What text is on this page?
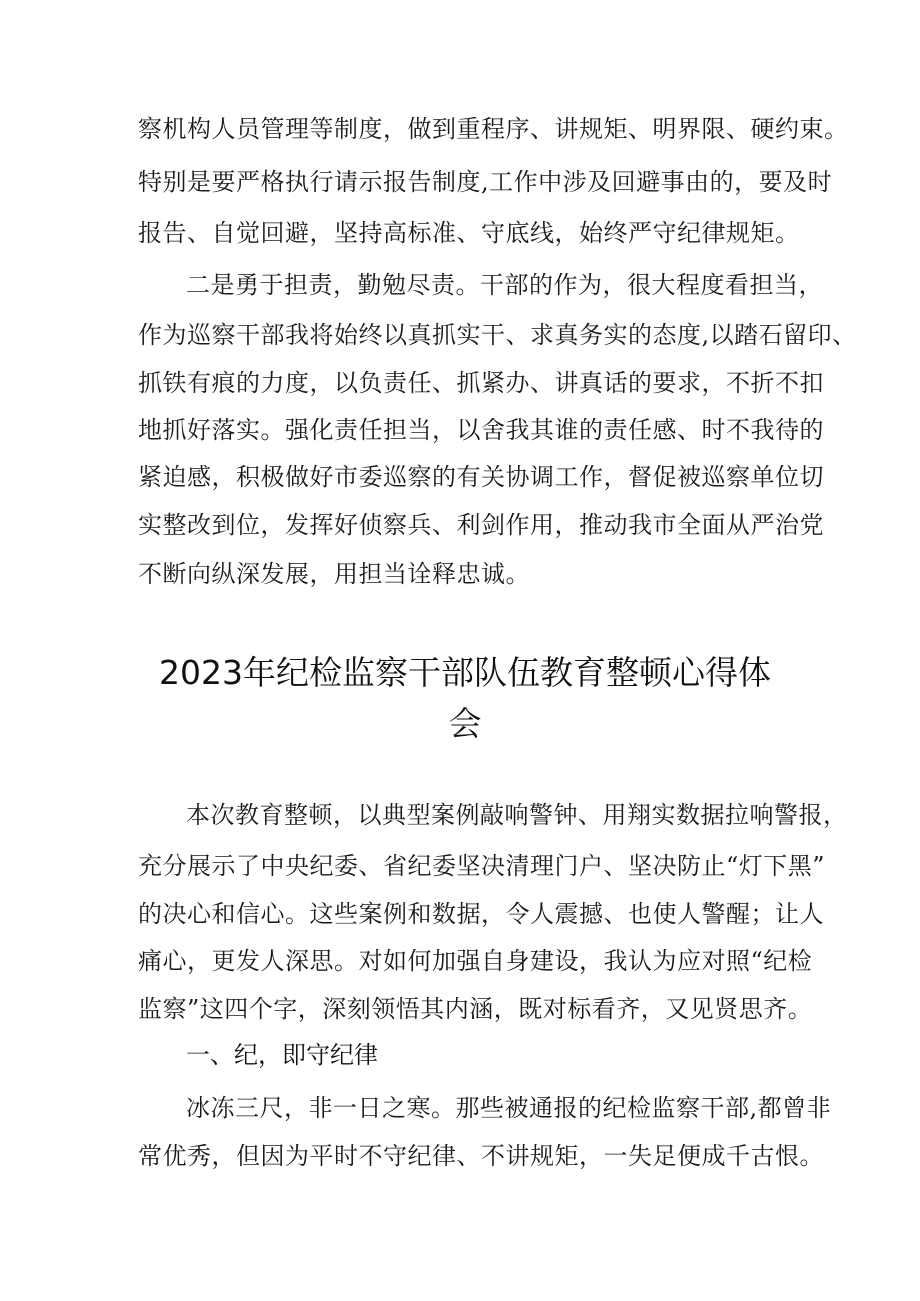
察机构人员管理等制度，做到重程序、讲规矩、明界限、硬约束。
特别是要严格执行请示报告制度,工作中涉及回避事由的，要及时
报告、自觉回避，坚持高标准、守底线，始终严守纪律规矩。
二是勇于担责，勤勉尽责。干部的作为，很大程度看担当，
作为巡察干部我将始终以真抓实干、求真务实的态度,以踏石留印、
抓铁有痕的力度，以负责任、抓紧办、讲真话的要求，不折不扣
地抓好落实。强化责任担当，以舍我其谁的责任感、时不我待的
紧迫感，积极做好市委巡察的有关协调工作，督促被巡察单位切
实整改到位，发挥好侦察兵、利剑作用，推动我市全面从严治党
不断向纵深发展，用担当诠释忠诚。
2023年纪检监察干部队伍教育整顿心得体
会
本次教育整顿，以典型案例敲响警钟、用翔实数据拉响警报，
充分展示了中央纪委、省纪委坚决清理门户、坚决防止“灯下黑”
的决心和信心。这些案例和数据，令人震撼、也使人警醒；让人
痛心，更发人深思。对如何加强自身建设，我认为应对照“纪检
监察”这四个字，深刻领悟其内涵，既对标看齐，又见贤思齐。
一、纪，即守纪律
冰冻三尺，非一日之寒。那些被通报的纪检监察干部,都曾非
常优秀，但因为平时不守纪律、不讲规矩，一失足便成千古恨。
